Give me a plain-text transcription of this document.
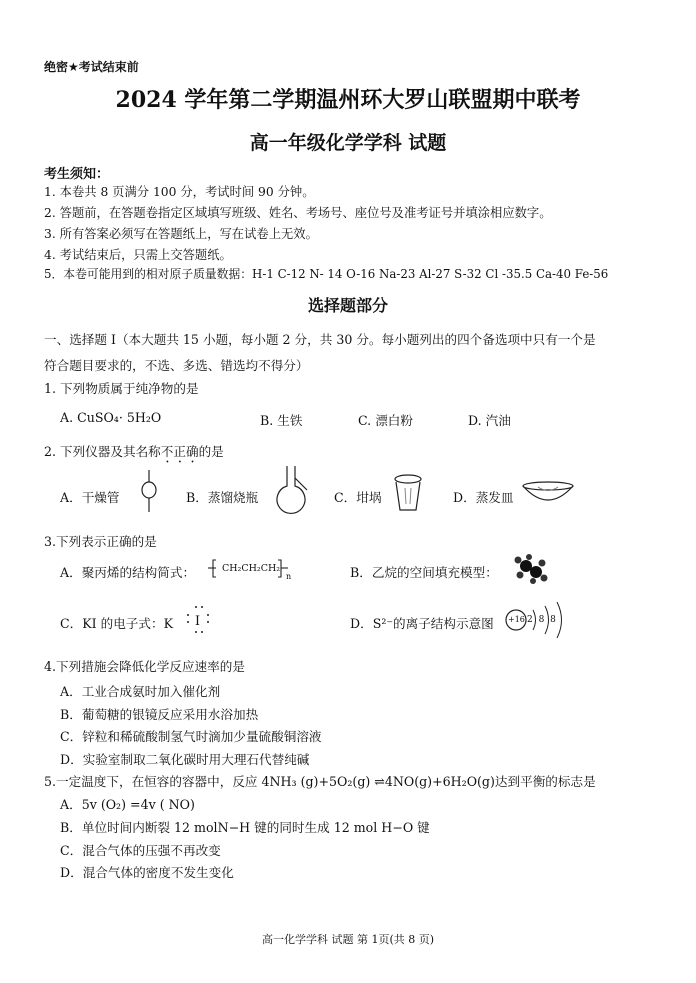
绝密★考试结束前
2024 学年第二学期温州环大罗山联盟期中联考
高一年级化学学科 试题
考生须知：
1. 本卷共 8 页满分 100 分，考试时间 90 分钟。
2. 答题前，在答题卷指定区域填写班级、姓名、考场号、座位号及准考证号并填涂相应数字。
3. 所有答案必须写在答题纸上，写在试卷上无效。
4. 考试结束后，只需上交答题纸。
5．本卷可能用到的相对原子质量数据：H-1 C-12 N- 14 O-16 Na-23 Al-27 S-32 Cl -35.5 Ca-40 Fe-56
选择题部分
一、选择题 I（本大题共 15 小题，每小题 2 分，共 30 分。每小题列出的四个备选项中只有一个是
符合题目要求的，不选、多选、错选均不得分）
1. 下列物质属于纯净物的是
A. CuSO₄· 5H₂O	B. 生铁	C. 漂白粉	D. 汽油
2. 下列仪器及其名称不正确的是
A．干燥管	B．蒸馏烧瓶	C．坩埚	D．蒸发皿
3.下列表示正确的是
A．聚丙烯的结构简式：	CH₂CH₂CH₂
n	B．乙烷的空间填充模型：
C．KI 的电子式：K I	D．S²⁻的离子结构示意图 +16 2 8 8
4.下列措施会降低化学反应速率的是
A．工业合成氨时加入催化剂
B．葡萄糖的银镜反应采用水浴加热
C．锌粒和稀硫酸制氢气时滴加少量硫酸铜溶液
D．实验室制取二氧化碳时用大理石代替纯碱
5.一定温度下，在恒容的容器中，反应 4NH₃ (g)+5O₂(g) ⇌4NO(g)+6H₂O(g)达到平衡的标志是
A．5v (O₂) =4v ( NO)
B．单位时间内断裂 12 molN−H 键的同时生成 12 mol H−O 键
C．混合气体的压强不再改变
D．混合气体的密度不发生变化
高一化学学科 试题 第 1页(共 8 页)
